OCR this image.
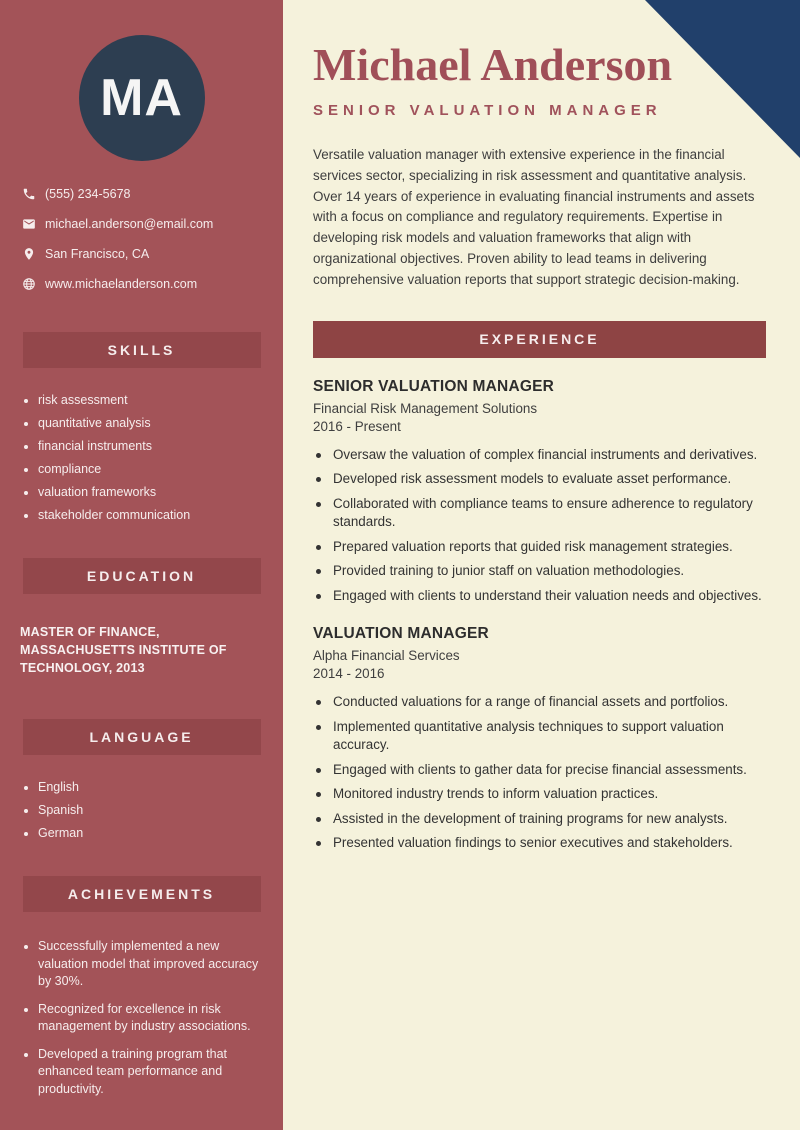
MA
(555) 234-5678
michael.anderson@email.com
San Francisco, CA
www.michaelanderson.com
SKILLS
risk assessment
quantitative analysis
financial instruments
compliance
valuation frameworks
stakeholder communication
EDUCATION
MASTER OF FINANCE, MASSACHUSETTS INSTITUTE OF TECHNOLOGY, 2013
LANGUAGE
English
Spanish
German
ACHIEVEMENTS
Successfully implemented a new valuation model that improved accuracy by 30%.
Recognized for excellence in risk management by industry associations.
Developed a training program that enhanced team performance and productivity.
Michael Anderson
SENIOR VALUATION MANAGER

Versatile valuation manager with extensive experience in the financial services sector, specializing in risk assessment and quantitative analysis. Over 14 years of experience in evaluating financial instruments and assets with a focus on compliance and regulatory requirements. Expertise in developing risk models and valuation frameworks that align with organizational objectives. Proven ability to lead teams in delivering comprehensive valuation reports that support strategic decision-making.

EXPERIENCE
SENIOR VALUATION MANAGER
Financial Risk Management Solutions
2016 - Present
Oversaw the valuation of complex financial instruments and derivatives.
Developed risk assessment models to evaluate asset performance.
Collaborated with compliance teams to ensure adherence to regulatory standards.
Prepared valuation reports that guided risk management strategies.
Provided training to junior staff on valuation methodologies.
Engaged with clients to understand their valuation needs and objectives.
VALUATION MANAGER
Alpha Financial Services
2014 - 2016
Conducted valuations for a range of financial assets and portfolios.
Implemented quantitative analysis techniques to support valuation accuracy.
Engaged with clients to gather data for precise financial assessments.
Monitored industry trends to inform valuation practices.
Assisted in the development of training programs for new analysts.
Presented valuation findings to senior executives and stakeholders.
